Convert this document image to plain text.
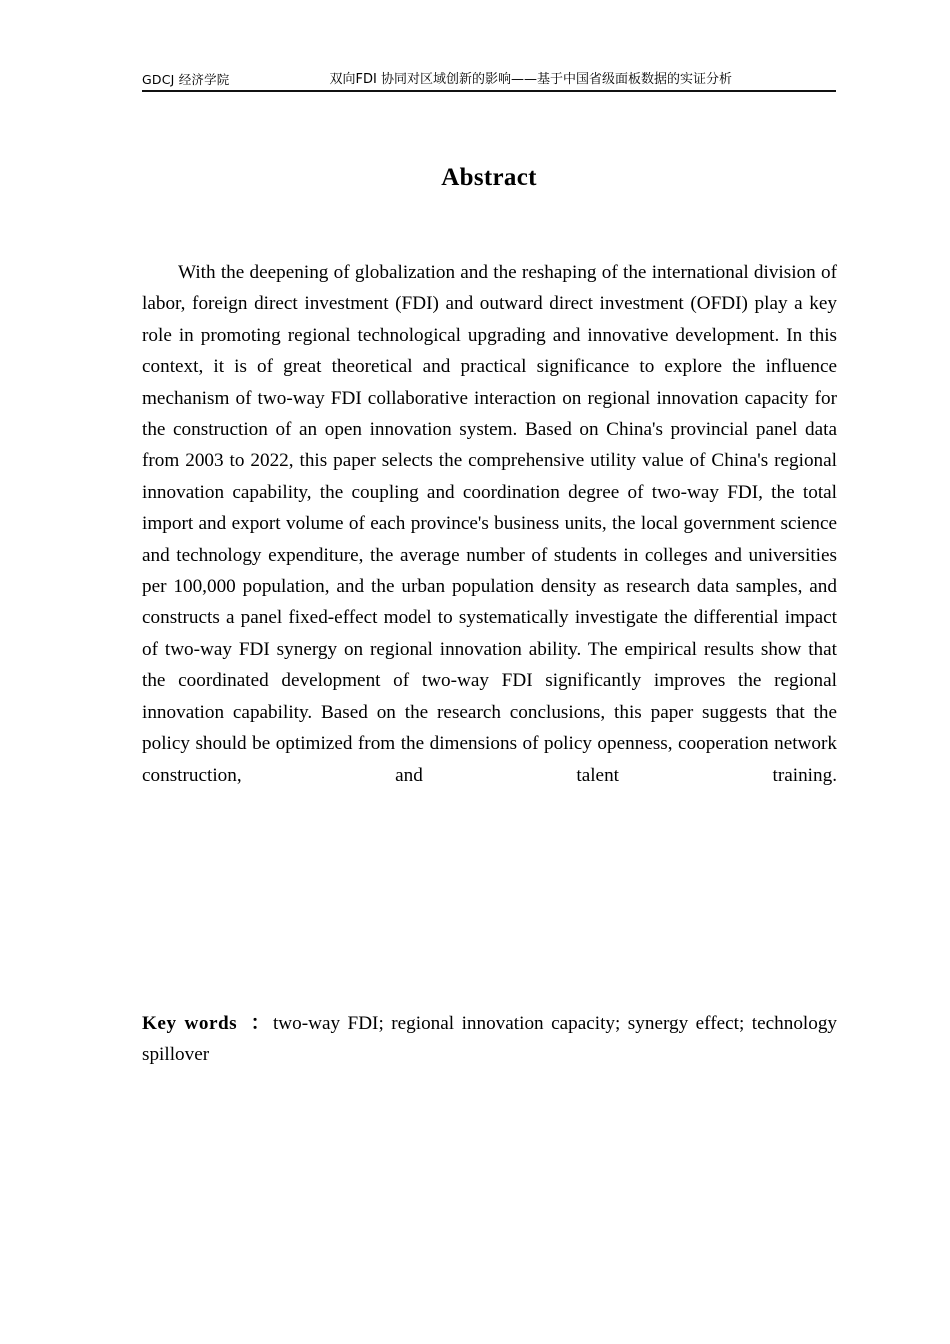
GDCJ 经济学院	双向FDI 协同对区域创新的影响——基于中国省级面板数据的实证分析
Abstract

With the deepening of globalization and the reshaping of the international division of labor, foreign direct investment (FDI) and outward direct investment (OFDI) play a key role in promoting regional technological upgrading and innovative development. In this context, it is of great theoretical and practical significance to explore the influence mechanism of two-way FDI collaborative interaction on regional innovation capacity for the construction of an open innovation system. Based on China's provincial panel data from 2003 to 2022, this paper selects the comprehensive utility value of China's regional innovation capability, the coupling and coordination degree of two-way FDI, the total import and export volume of each province's business units, the local government science and technology expenditure, the average number of students in colleges and universities per 100,000 population, and the urban population density as research data samples, and constructs a panel fixed-effect model to systematically investigate the differential impact of two-way FDI synergy on regional innovation ability. The empirical results show that the coordinated development of two-way FDI significantly improves the regional innovation capability. Based on the research conclusions, this paper suggests that the policy should be optimized from the dimensions of policy openness, cooperation network construction, and talent training.

Key words ：two-way FDI; regional innovation capacity; synergy effect; technology spillover
